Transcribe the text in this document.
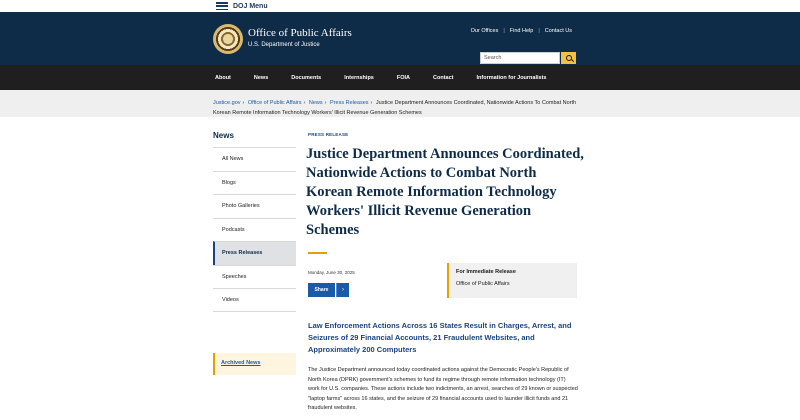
DOJ Menu
Office of Public Affairs
U.S. Department of Justice
Our Offices | Find Help | Contact Us
Search
About	News	Documents	Internships	FOIA	Contact	Information for Journalists
Justice.gov › Office of Public Affairs › News › Press Releases › Justice Department Announces Coordinated, Nationwide Actions To Combat North Korean Remote Information Technology Workers' Illicit Revenue Generation Schemes
News
All News
Blogs
Photo Galleries
Podcasts
Press Releases
Speeches
Videos
Archived News
PRESS RELEASE
Justice Department Announces Coordinated, Nationwide Actions to Combat North Korean Remote Information Technology Workers' Illicit Revenue Generation Schemes
Monday, June 30, 2025
Share	›
For Immediate Release
Office of Public Affairs
Law Enforcement Actions Across 16 States Result in Charges, Arrest, and Seizures of 29 Financial Accounts, 21 Fraudulent Websites, and Approximately 200 Computers
The Justice Department announced today coordinated actions against the Democratic People's Republic of North Korea (DPRK) government's schemes to fund its regime through remote information technology (IT) work for U.S. companies. These actions include two indictments, an arrest, searches of 29 known or suspected "laptop farms" across 16 states, and the seizure of 29 financial accounts used to launder illicit funds and 21 fraudulent websites.
